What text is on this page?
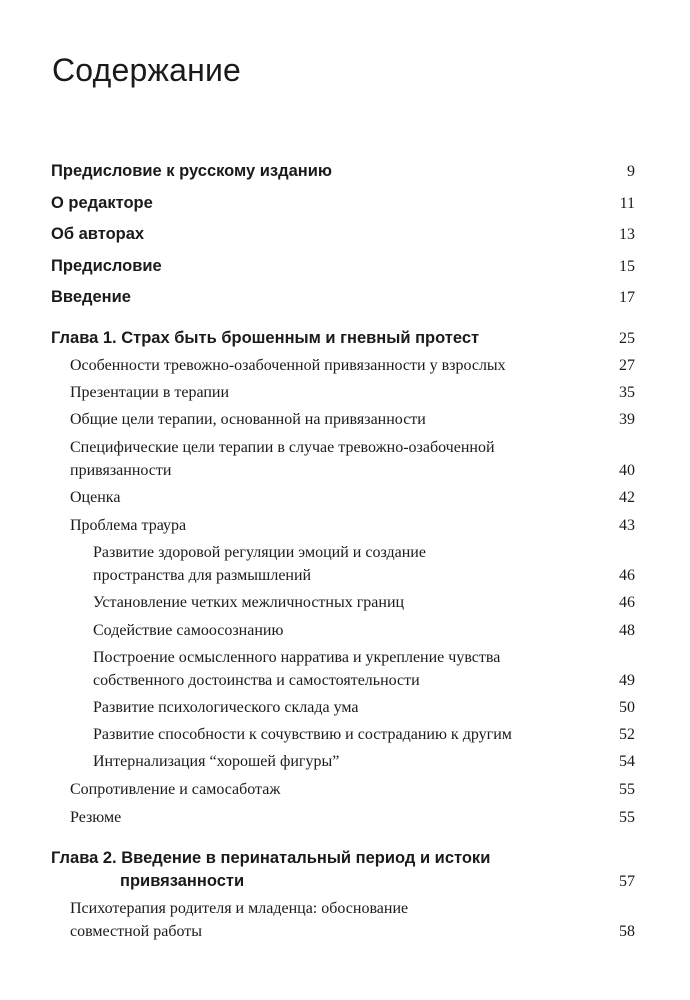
Содержание
Предисловие к русскому изданию	9
О редакторе	11
Об авторах	13
Предисловие	15
Введение	17
Глава 1. Страх быть брошенным и гневный протест	25
Особенности тревожно-озабоченной привязанности у взрослых	27
Презентации в терапии	35
Общие цели терапии, основанной на привязанности	39
Специфические цели терапии в случае тревожно-озабоченной
привязанности	40
Оценка	42
Проблема траура	43
Развитие здоровой регуляции эмоций и создание
пространства для размышлений	46
Установление четких межличностных границ	46
Содействие самоосознанию	48
Построение осмысленного нарратива и укрепление чувства
собственного достоинства и самостоятельности	49
Развитие психологического склада ума	50
Развитие способности к сочувствию и состраданию к другим	52
Интернализация “хорошей фигуры”	54
Сопротивление и самосаботаж	55
Резюме	55
Глава 2. Введение в перинатальный период и истоки
привязанности	57
Психотерапия родителя и младенца: обоснование
совместной работы	58
